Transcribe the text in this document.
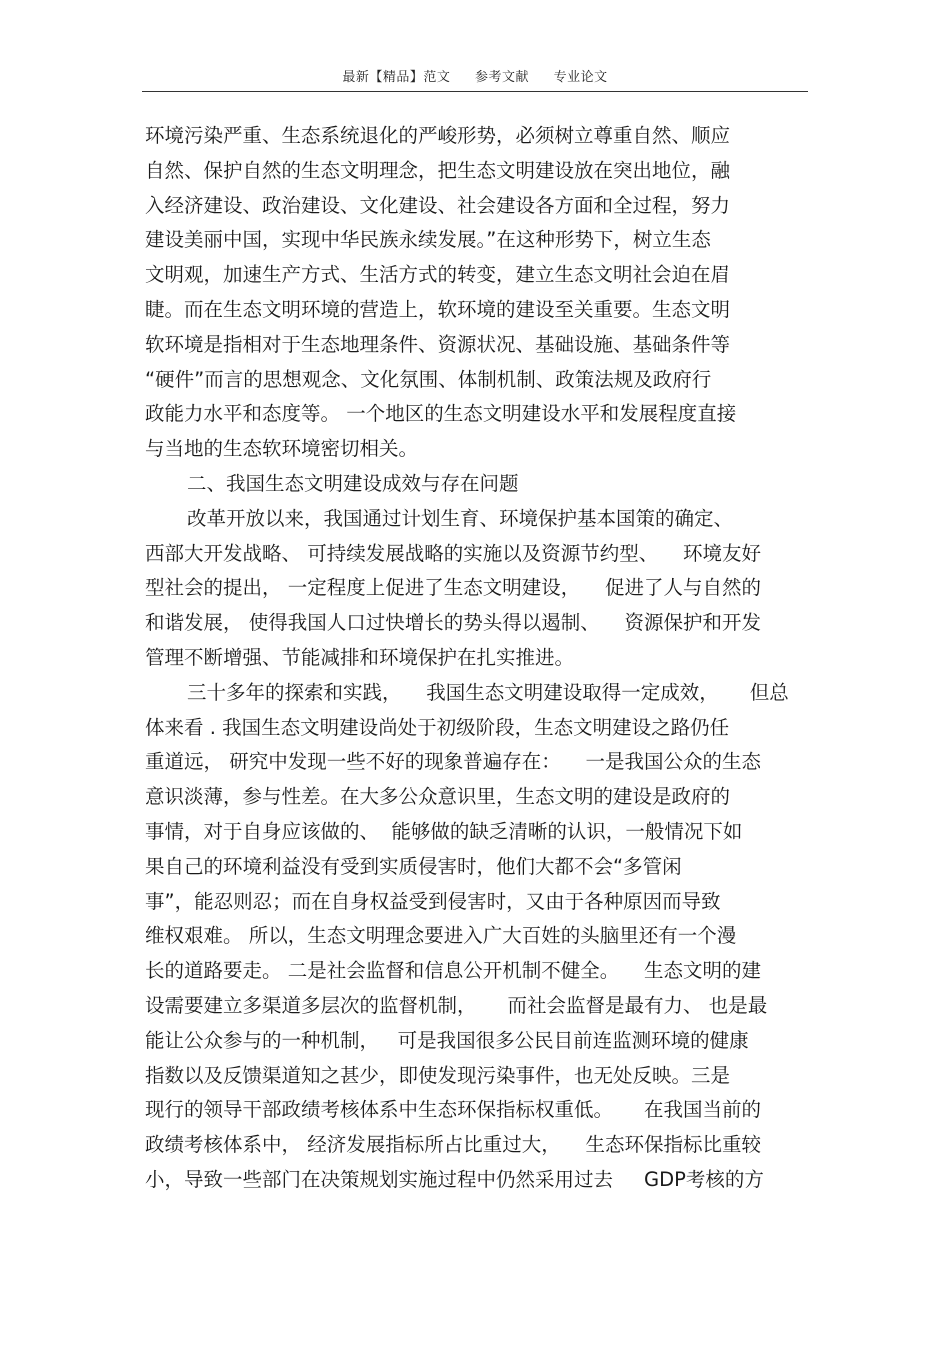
最新【精品】范文 参考文献 专业论文
环境污染严重、生态系统退化的严峻形势，必须树立尊重自然、顺应
自然、保护自然的生态文明理念，把生态文明建设放在突出地位，融
入经济建设、政治建设、文化建设、社会建设各方面和全过程，努力
建设美丽中国，实现中华民族永续发展。”在这种形势下，树立生态
文明观，加速生产方式、生活方式的转变，建立生态文明社会迫在眉
睫。而在生态文明环境的营造上，软环境的建设至关重要。生态文明
软环境是指相对于生态地理条件、资源状况、基础设施、基础条件等
“硬件”而言的思想观念、文化氛围、体制机制、政策法规及政府行
政能力水平和态度等。 一个地区的生态文明建设水平和发展程度直接
与当地的生态软环境密切相关。
二、我国生态文明建设成效与存在问题
改革开放以来，我国通过计划生育、环境保护基本国策的确定、
西部大开发战略、 可持续发展战略的实施以及资源节约型、    环境友好
型社会的提出， 一定程度上促进了生态文明建设，    促进了人与自然的
和谐发展， 使得我国人口过快增长的势头得以遏制、    资源保护和开发
管理不断增强、节能减排和环境保护在扎实推进。
三十多年的探索和实践，    我国生态文明建设取得一定成效，     但总
体来看 . 我国生态文明建设尚处于初级阶段，生态文明建设之路仍任
重道远， 研究中发现一些不好的现象普遍存在：    一是我国公众的生态
意识淡薄，参与性差。在大多公众意识里，生态文明的建设是政府的
事情，对于自身应该做的、  能够做的缺乏清晰的认识，一般情况下如
果自己的环境利益没有受到实质侵害时，他们大都不会“多管闲
事”，能忍则忍；而在自身权益受到侵害时，又由于各种原因而导致
维权艰难。 所以，生态文明理念要进入广大百姓的头脑里还有一个漫
长的道路要走。 二是社会监督和信息公开机制不健全。    生态文明的建
设需要建立多渠道多层次的监督机制，     而社会监督是最有力、 也是最
能让公众参与的一种机制，   可是我国很多公民目前连监测环境的健康
指数以及反馈渠道知之甚少，即使发现污染事件，也无处反映。三是
现行的领导干部政绩考核体系中生态环保指标权重低。     在我国当前的
政绩考核体系中， 经济发展指标所占比重过大，    生态环保指标比重较
小，导致一些部门在决策规划实施过程中仍然采用过去     GDP考核的方
